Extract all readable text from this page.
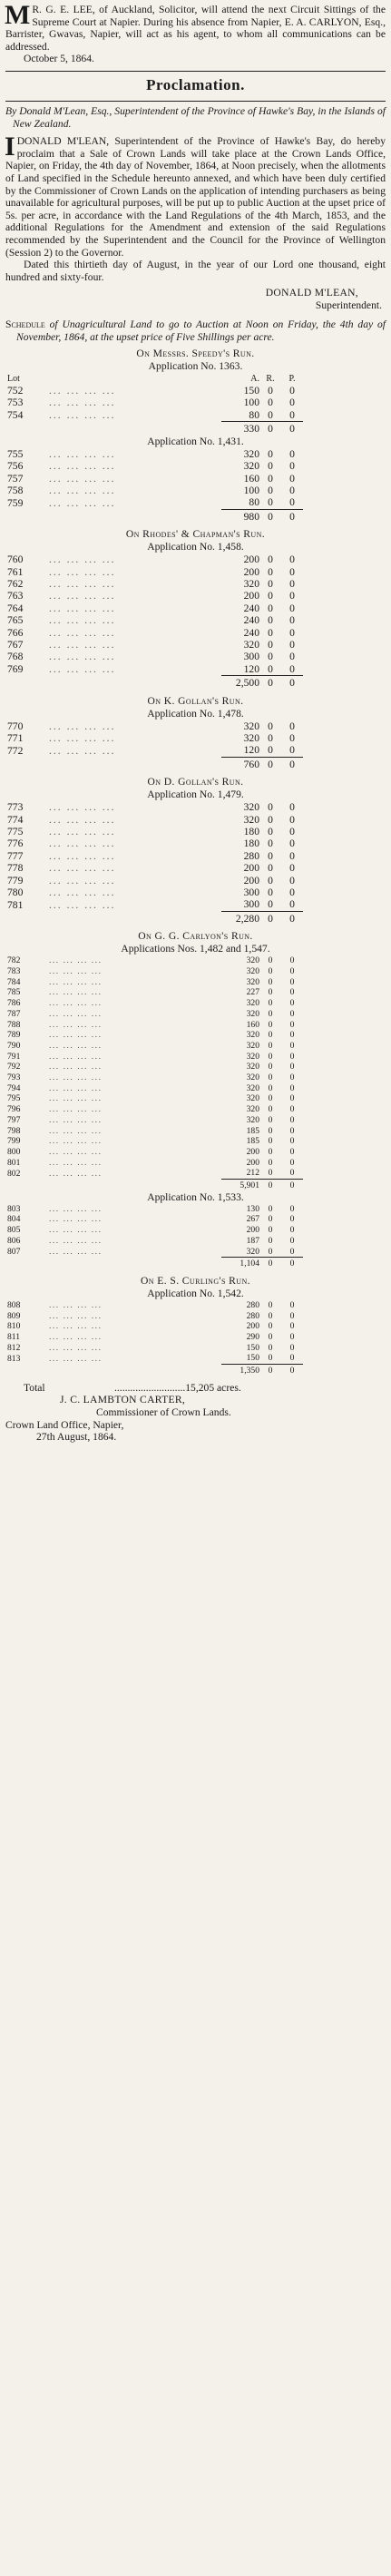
M R. G. E. LEE, of Auckland, Solicitor, will attend the next Circuit Sittings of the Supreme Court at Napier. During his absence from Napier, E. A. CARLYON, Esq., Barrister, Gwavas, Napier, will act as his agent, to whom all communications can be addressed.

October 5, 1864.

Proclamation.

By Donald M'Lean, Esq., Superintendent of the Province of Hawke's Bay, in the Islands of New Zealand.

IDONALD M'LEAN, Superintendent of the Province of Hawke's Bay, do hereby proclaim that a Sale of Crown Lands will take place at the Crown Lands Office, Napier, on Friday, the 4th day of November, 1864, at Noon precisely, when the allotments of Land specified in the Schedule hereunto annexed, and which have been duly certified by the Commissioner of Crown Lands on the application of intending purchasers as being unavailable for agricultural purposes, will be put up to public Auction at the upset price of 5s. per acre, in accordance with the Land Regulations of the 4th March, 1853, and the additional Regulations for the Amendment and extension of the said Regulations recommended by the Superintendent and the Council for the Province of Wellington (Session 2) to the Governor.

Dated this thirtieth day of August, in the year of our Lord one thousand, eight hundred and sixty-four.

DONALD M'LEAN,
Superintendent.

Schedule of Unagricultural Land to go to Auction at Noon on Friday, the 4th day of November, 1864, at the upset price of Five Shillings per acre.

On Messrs. Speedy's Run.
Application No. 1363.
Lot		A.	R.	P.
752	... ... ... ...	150	0	0
753	... ... ... ...	100	0	0
754	... ... ... ...	80	0	0
		330	0	0
Application No. 1,431.
755	... ... ... ...	320	0	0
756	... ... ... ...	320	0	0
757	... ... ... ...	160	0	0
758	... ... ... ...	100	0	0
759	... ... ... ...	80	0	0
		980	0	0
On Rhodes' & Chapman's Run.
Application No. 1,458.
760	... ... ... ...	200	0	0
761	... ... ... ...	200	0	0
762	... ... ... ...	320	0	0
763	... ... ... ...	200	0	0
764	... ... ... ...	240	0	0
765	... ... ... ...	240	0	0
766	... ... ... ...	240	0	0
767	... ... ... ...	320	0	0
768	... ... ... ...	300	0	0
769	... ... ... ...	120	0	0
		2,500	0	0
On K. Gollan's Run.
Application No. 1,478.
770	... ... ... ...	320	0	0
771	... ... ... ...	320	0	0
772	... ... ... ...	120	0	0
		760	0	0
On D. Gollan's Run.
Application No. 1,479.
773	... ... ... ...	320	0	0
774	... ... ... ...	320	0	0
775	... ... ... ...	180	0	0
776	... ... ... ...	180	0	0
777	... ... ... ...	280	0	0
778	... ... ... ...	200	0	0
779	... ... ... ...	200	0	0
780	... ... ... ...	300	0	0
781	... ... ... ...	300	0	0
		2,280	0	0
On G. G. Carlyon's Run.
Applications Nos. 1,482 and 1,547.
782	... ... ... ...	320	0	0
783	... ... ... ...	320	0	0
784	... ... ... ...	320	0	0
785	... ... ... ...	227	0	0
786	... ... ... ...	320	0	0
787	... ... ... ...	320	0	0
788	... ... ... ...	160	0	0
789	... ... ... ...	320	0	0
790	... ... ... ...	320	0	0
791	... ... ... ...	320	0	0
792	... ... ... ...	320	0	0
793	... ... ... ...	320	0	0
794	... ... ... ...	320	0	0
795	... ... ... ...	320	0	0
796	... ... ... ...	320	0	0
797	... ... ... ...	320	0	0
798	... ... ... ...	185	0	0
799	... ... ... ...	185	0	0
800	... ... ... ...	200	0	0
801	... ... ... ...	200	0	0
802	... ... ... ...	212	0	0
		5,901	0	0
Application No. 1,533.
803	... ... ... ...	130	0	0
804	... ... ... ...	267	0	0
805	... ... ... ...	200	0	0
806	... ... ... ...	187	0	0
807	... ... ... ...	320	0	0
		1,104	0	0
On E. S. Curling's Run.
Application No. 1,542.
808	... ... ... ...	280	0	0
809	... ... ... ...	280	0	0
810	... ... ... ...	200	0	0
811	... ... ... ...	290	0	0
812	... ... ... ...	150	0	0
813	... ... ... ...	150	0	0
		1,350	0	0
Total	...........................15,205 acres.
J. C. LAMBTON CARTER,
Commissioner of Crown Lands.
Crown Land Office, Napier,
27th August, 1864.
